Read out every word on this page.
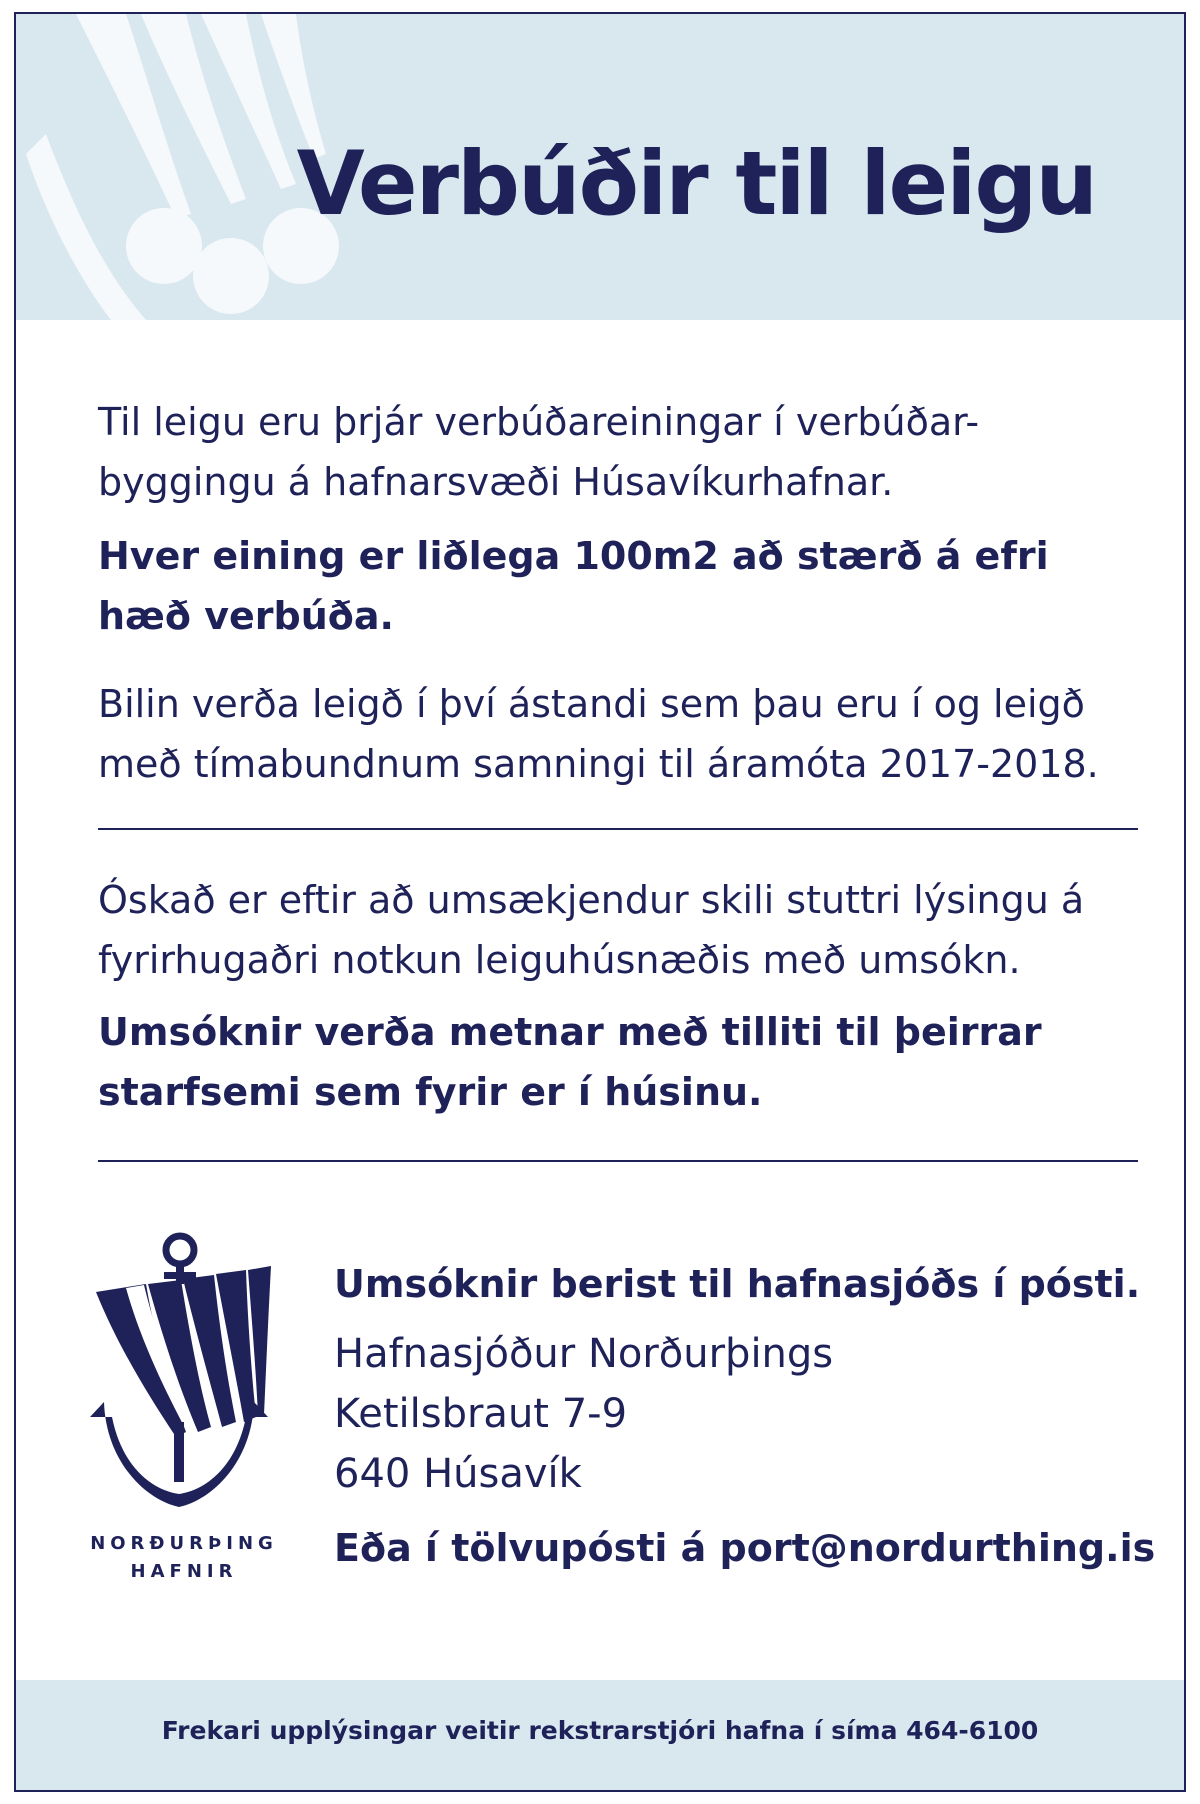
Verbúðir til leigu

Til leigu eru þrjár verbúðareiningar í verbúðar-byggingu á hafnarsvæði Húsavíkurhafnar.

Hver eining er liðlega 100m2 að stærð á efri hæð verbúða.

Bilin verða leigð í því ástandi sem þau eru í og leigð með tímabundnum samningi til áramóta 2017-2018.

Óskað er eftir að umsækjendur skili stuttri lýsingu á fyrirhugaðri notkun leiguhúsnæðis með umsókn.

Umsóknir verða metnar með tilliti til þeirrar starfsemi sem fyrir er í húsinu.

NORÐURÞING
HAFNIR

Umsóknir berist til hafnasjóðs í pósti.

Hafnasjóður Norðurþings

Ketilsbraut 7-9

640 Húsavík

Eða í tölvupósti á port@nordurthing.is

Frekari upplýsingar veitir rekstrarstjóri hafna í síma 464-6100
